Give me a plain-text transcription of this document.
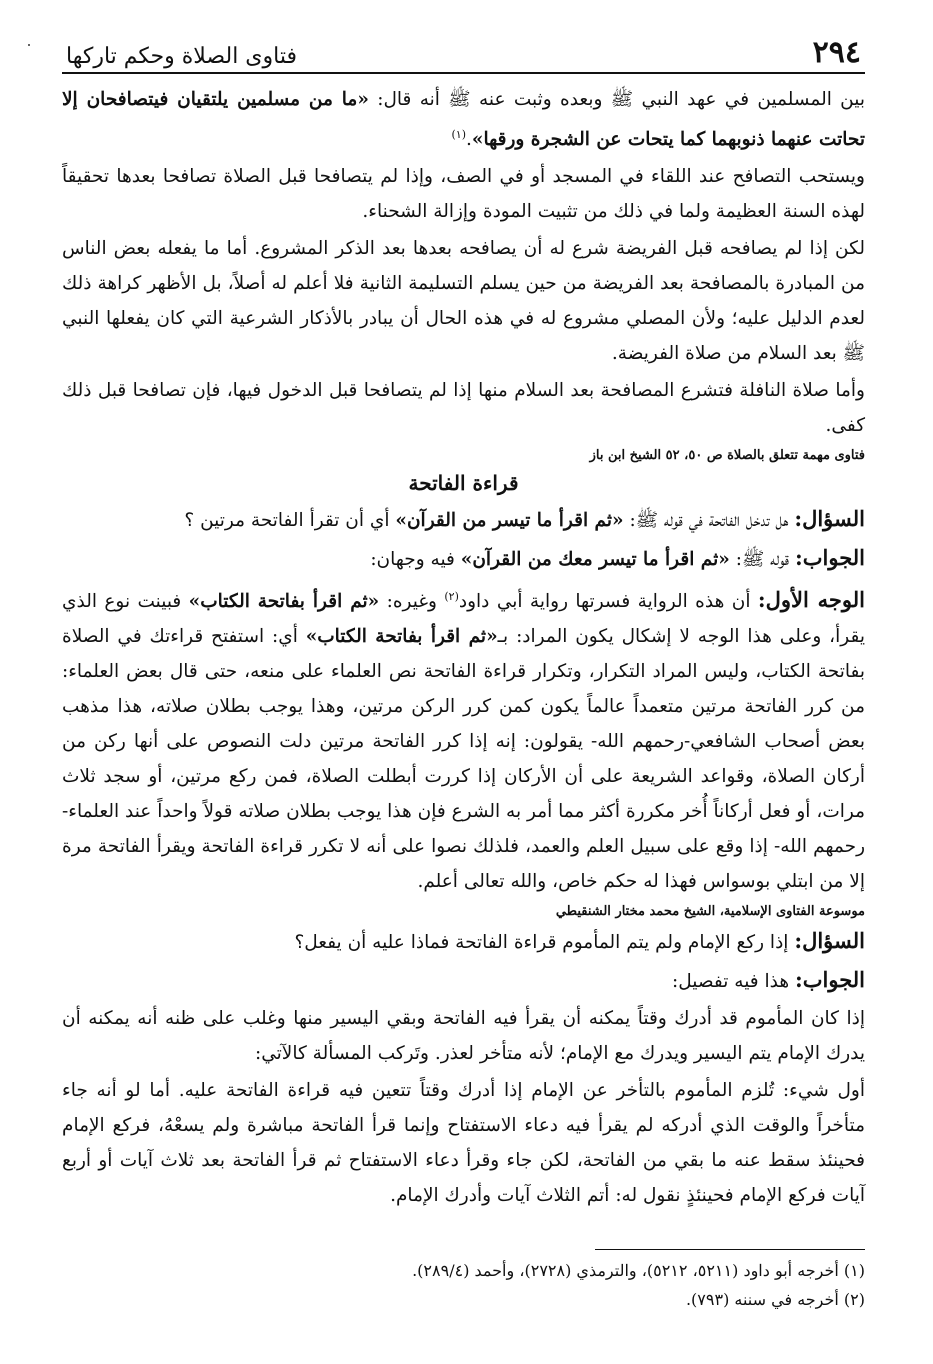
٢٩٤
فتاوى الصلاة وحكم تاركها

بين المسلمين في عهد النبي ﷺ وبعده وثبت عنه ﷺ أنه قال: «ما من مسلمين يلتقيان فيتصافحان إلا تحاتت عنهما ذنوبهما كما يتحات عن الشجرة ورقها».$^{(١)}$

ويستحب التصافح عند اللقاء في المسجد أو في الصف، وإذا لم يتصافحا قبل الصلاة تصافحا بعدها تحقيقاً لهذه السنة العظيمة ولما في ذلك من تثبيت المودة وإزالة الشحناء.

لكن إذا لم يصافحه قبل الفريضة شرع له أن يصافحه بعدها بعد الذكر المشروع. أما ما يفعله بعض الناس من المبادرة بالمصافحة بعد الفريضة من حين يسلم التسليمة الثانية فلا أعلم له أصلاً، بل الأظهر كراهة ذلك لعدم الدليل عليه؛ ولأن المصلي مشروع له في هذه الحال أن يبادر بالأذكار الشرعية التي كان يفعلها النبي ﷺ بعد السلام من صلاة الفريضة.

وأما صلاة النافلة فتشرع المصافحة بعد السلام منها إذا لم يتصافحا قبل الدخول فيها، فإن تصافحا قبل ذلك كفى.

فتاوى مهمة تتعلق بالصلاة ص ٥٠، ٥٢ الشيخ ابن باز
قراءة الفاتحة

السؤال: هل تدخل الفاتحة في قوله ﷺ: «ثم اقرأ ما تيسر من القرآن» أي أن تقرأ الفاتحة مرتين ؟

الجواب: قوله ﷺ: «ثم اقرأ ما تيسر معك من القرآن» فيه وجهان:

الوجه الأول: أن هذه الرواية فسرتها رواية أبي داود$^{(٢)}$ وغيره: «ثم اقرأ بفاتحة الكتاب» فبينت نوع الذي يقرأ، وعلى هذا الوجه لا إشكال يكون المراد: بـ«ثم اقرأ بفاتحة الكتاب» أي: استفتح قراءتك في الصلاة بفاتحة الكتاب، وليس المراد التكرار، وتكرار قراءة الفاتحة نص العلماء على منعه، حتى قال بعض العلماء: من كرر الفاتحة مرتين متعمداً عالماً يكون كمن كرر الركن مرتين، وهذا يوجب بطلان صلاته، هذا مذهب بعض أصحاب الشافعي-رحمهم الله- يقولون: إنه إذا كرر الفاتحة مرتين دلت النصوص على أنها ركن من أركان الصلاة، وقواعد الشريعة على أن الأركان إذا كررت أبطلت الصلاة، فمن ركع مرتين، أو سجد ثلاث مرات، أو فعل أركاناً أُخر مكررة أكثر مما أمر به الشرع فإن هذا يوجب بطلان صلاته قولاً واحداً عند العلماء-رحمهم الله- إذا وقع على سبيل العلم والعمد، فلذلك نصوا على أنه لا تكرر قراءة الفاتحة ويقرأ الفاتحة مرة إلا من ابتلي بوسواس فهذا له حكم خاص، والله تعالى أعلم.

موسوعة الفتاوى الإسلامية، الشيخ محمد مختار الشنقيطي

السؤال: إذا ركع الإمام ولم يتم المأموم قراءة الفاتحة فماذا عليه أن يفعل؟

الجواب: هذا فيه تفصيل:

إذا كان المأموم قد أدرك وقتاً يمكنه أن يقرأ فيه الفاتحة وبقي اليسير منها وغلب على ظنه أنه يمكنه أن يدرك الإمام يتم اليسير ويدرك مع الإمام؛ لأنه متأخر لعذر. وتَركب المسألة كالآتي:

أول شيء: تُلزم المأموم بالتأخر عن الإمام إذا أدرك وقتاً تتعين فيه قراءة الفاتحة عليه. أما لو أنه جاء متأخراً والوقت الذي أدركه لم يقرأ فيه دعاء الاستفتاح وإنما قرأ الفاتحة مباشرة ولم يسعْهُ، فركع الإمام فحينئذ سقط عنه ما بقي من الفاتحة، لكن جاء وقرأ دعاء الاستفتاح ثم قرأ الفاتحة بعد ثلاث آيات أو أربع آيات فركع الإمام فحينئذٍ نقول له: أتم الثلاث آيات وأدرك الإمام.

(١) أخرجه أبو داود (٥٢١١، ٥٢١٢)، والترمذي (٢٧٢٨)، وأحمد (٢٨٩/٤).

(٢) أخرجه في سننه (٧٩٣).
